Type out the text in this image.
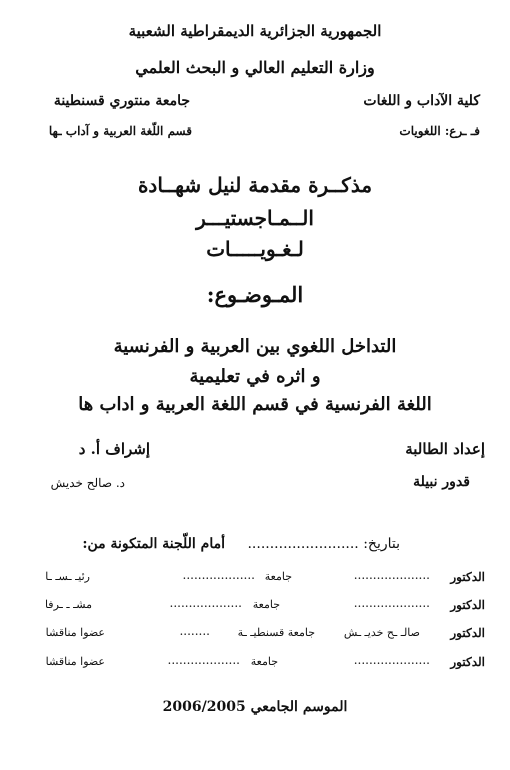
الجمهورية الجزائرية الديمقراطية الشعبية
وزارة التعليم العالي و البحث العلمي
كلية الآداب و اللغات
جامعة منتوري قسنطينة
فـ ـرع: اللغويات
قسم اللّغة العربية و آداب ـها
مذكــرة مقدمة لنيل شهــادة
الــمـاجستيـــر
لـغـويـــــات
المـوضـوع:
التداخل اللغوي بين العربية و الفرنسية
و اثره في تعليمية
اللغة الفرنسية في قسم اللغة العربية و اداب ها
إعداد الطالبة
إشراف أ. د
قدور نبيلة
د. صالح خديش
بتاريخ: .........................
أمام اللّجنة المتكونة من:
الدكتور
....................
جامعة
...................
رئيـ ـسـ ـا
الدكتور
....................
جامعة
...................
مشـ ـ ـرفا
الدكتور
صالـ ـح خديـ ـش
جامعة قسنطيـ ـة
........
عضوا مناقشا
الدكتور
....................
جامعة
...................
عضوا مناقشا
الموسم الجامعي 2006/2005
